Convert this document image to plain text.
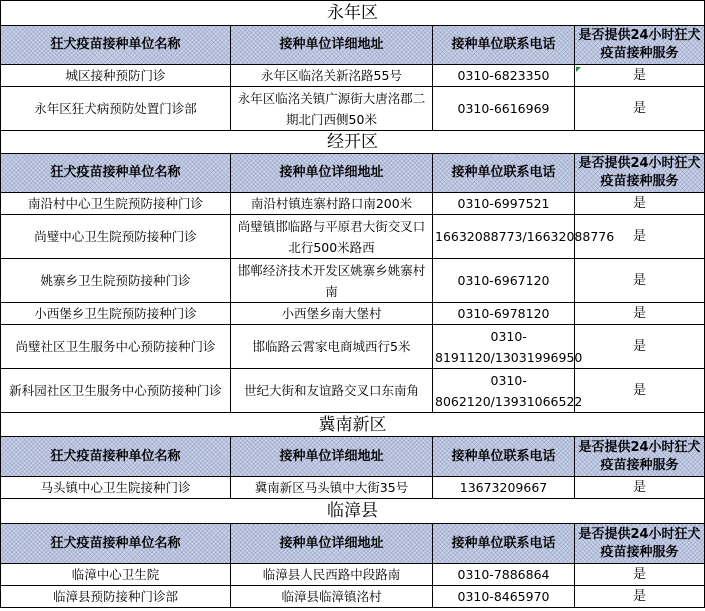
永年区			
狂犬疫苗接种单位名称	接种单位详细地址	接种单位联系电话	是否提供24小时狂犬疫苗接种服务
城区接种预防门诊	永年区临洺关新洺路55号	0310-6823350	是
永年区狂犬病预防处置门诊部	永年区临洺关镇广源街大唐洺郡二期北门西侧50米	0310-6616969	是
经开区			
狂犬疫苗接种单位名称	接种单位详细地址	接种单位联系电话	是否提供24小时狂犬疫苗接种服务
南沿村中心卫生院预防接种门诊	南沿村镇连寨村路口南200米	0310-6997521	是
尚璧中心卫生院预防接种门诊	尚璧镇邯临路与平原君大街交叉口北行500米路西	16632088773/16632088776	是
姚寨乡卫生院预防接种门诊	邯郸经济技术开发区姚寨乡姚寨村南	0310-6967120	是
小西堡乡卫生院预防接种门诊	小西堡乡南大堡村	0310-6978120	是
尚璧社区卫生服务中心预防接种门诊	邯临路云霄家电商城西行5米	0310-8191120/13031996950	是
新科园社区卫生服务中心预防接种门诊	世纪大街和友谊路交叉口东南角	0310-8062120/13931066522	是
冀南新区			
狂犬疫苗接种单位名称	接种单位详细地址	接种单位联系电话	是否提供24小时狂犬疫苗接种服务
马头镇中心卫生院接种门诊	冀南新区马头镇中大街35号	13673209667	是
临漳县			
狂犬疫苗接种单位名称	接种单位详细地址	接种单位联系电话	是否提供24小时狂犬疫苗接种服务
临漳中心卫生院	临漳县人民西路中段路南	0310-7886864	是
临漳县预防接种门诊部	临漳县临漳镇洺村	0310-8465970	是
